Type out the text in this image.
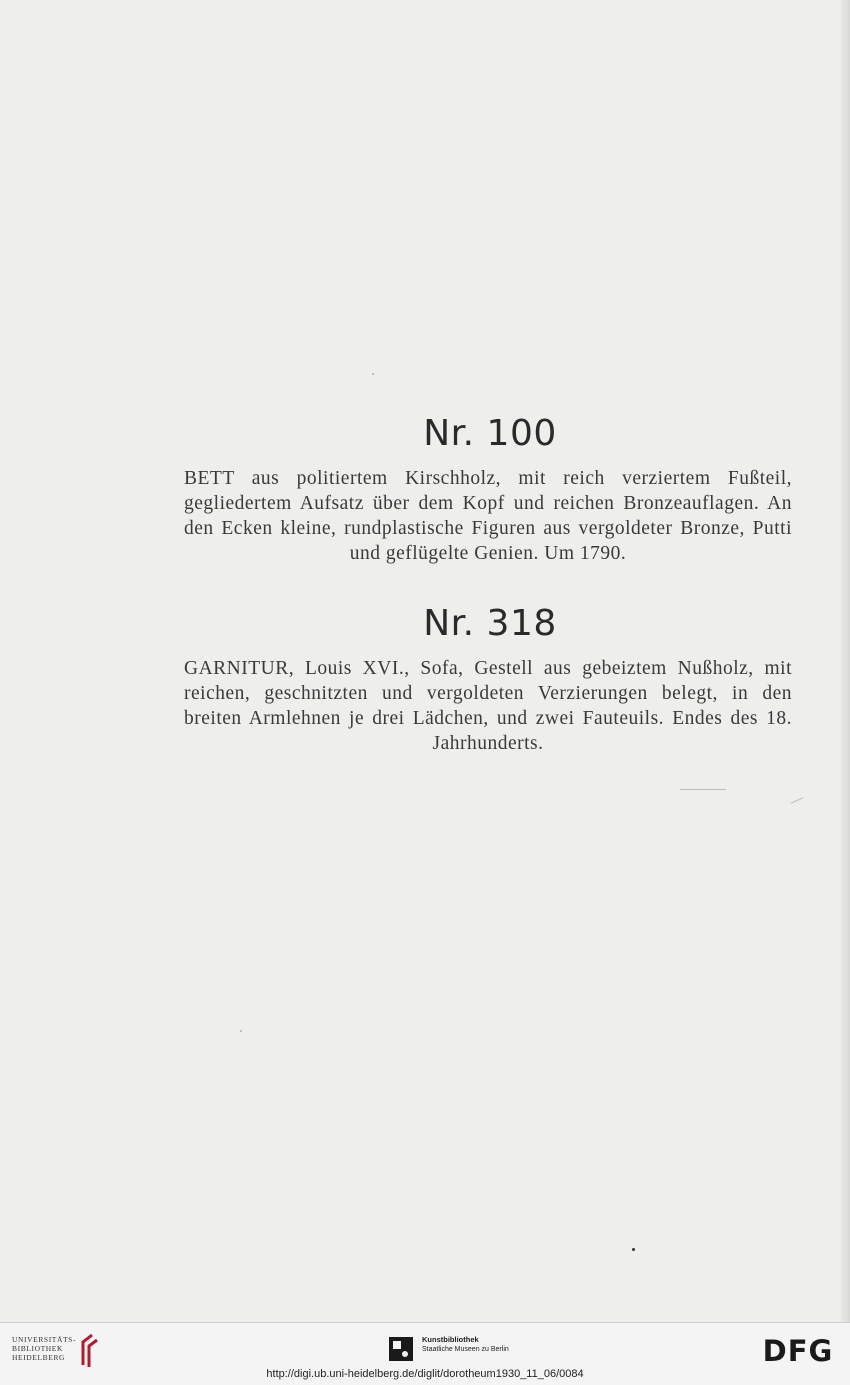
Nr. 100
BETT aus politiertem Kirschholz, mit reich verziertem Fußteil, gegliedertem Aufsatz über dem Kopf und reichen Bronzeauflagen. An den Ecken kleine, rundplastische Figuren aus vergoldeter Bronze, Putti und geflügelte Genien. Um 1790.
Nr. 318
GARNITUR, Louis XVI., Sofa, Gestell aus gebeiztem Nußholz, mit reichen, geschnitzten und vergoldeten Verzierungen belegt, in den breiten Armlehnen je drei Lädchen, und zwei Fauteuils. Endes des 18. Jahrhunderts.
UNIVERSITÄTS-
BIBLIOTHEK
HEIDELBERG
Kunstbibliothek
Staatliche Museen zu Berlin	DFG
http://digi.ub.uni-heidelberg.de/diglit/dorotheum1930_11_06/0084
